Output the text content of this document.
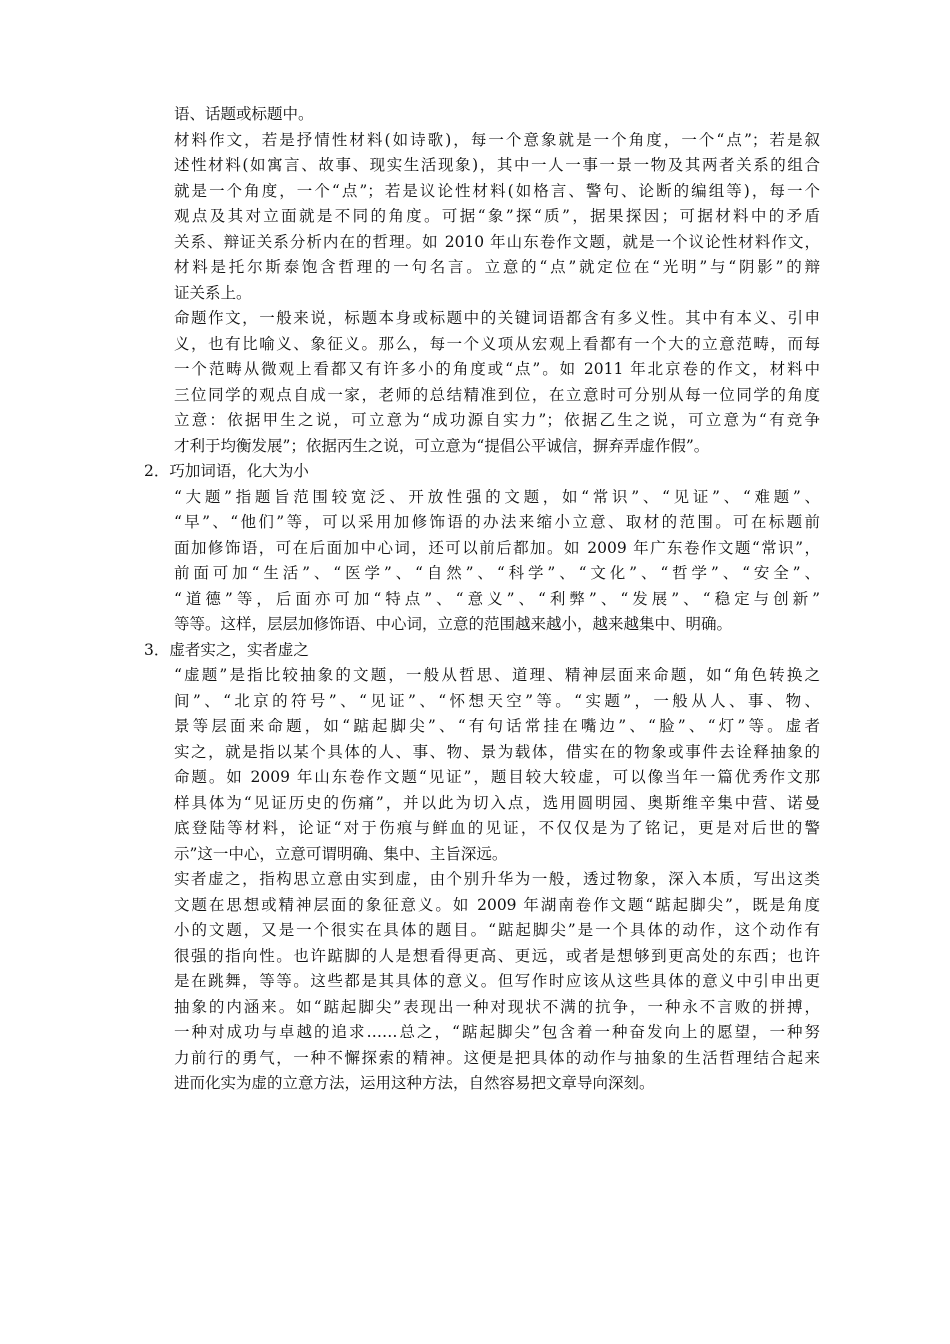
语、话题或标题中。
材料作文，若是抒情性材料(如诗歌)，每一个意象就是一个角度，一个“点”；若是叙
述性材料(如寓言、故事、现实生活现象)，其中一人一事一景一物及其两者关系的组合
就是一个角度，一个“点”；若是议论性材料(如格言、警句、论断的编组等)，每一个
观点及其对立面就是不同的角度。可据“象”探“质”，据果探因；可据材料中的矛盾
关系、辩证关系分析内在的哲理。如 2010 年山东卷作文题，就是一个议论性材料作文，
材料是托尔斯泰饱含哲理的一句名言。立意的“点”就定位在“光明”与“阴影”的辩
证关系上。
命题作文，一般来说，标题本身或标题中的关键词语都含有多义性。其中有本义、引申
义，也有比喻义、象征义。那么，每一个义项从宏观上看都有一个大的立意范畴，而每
一个范畴从微观上看都又有许多小的角度或“点”。如 2011 年北京卷的作文，材料中
三位同学的观点自成一家，老师的总结精准到位，在立意时可分别从每一位同学的角度
立意：依据甲生之说，可立意为“成功源自实力”；依据乙生之说，可立意为“有竞争
才利于均衡发展”；依据丙生之说，可立意为“提倡公平诚信，摒弃弄虚作假”。
2．巧加词语，化大为小
“大题”指题旨范围较宽泛、开放性强的文题，如“常识”、“见证”、“难题”、
“早”、“他们”等，可以采用加修饰语的办法来缩小立意、取材的范围。可在标题前
面加修饰语，可在后面加中心词，还可以前后都加。如 2009 年广东卷作文题“常识”，
前面可加“生活”、“医学”、“自然”、“科学”、“文化”、“哲学”、“安全”、
“道德”等，后面亦可加“特点”、“意义”、“利弊”、“发展”、“稳定与创新”
等等。这样，层层加修饰语、中心词，立意的范围越来越小，越来越集中、明确。
3．虚者实之，实者虚之
“虚题”是指比较抽象的文题，一般从哲思、道理、精神层面来命题，如“角色转换之
间”、“北京的符号”、“见证”、“怀想天空”等。“实题”，一般从人、事、物、
景等层面来命题，如“踮起脚尖”、“有句话常挂在嘴边”、“脸”、“灯”等。虚者
实之，就是指以某个具体的人、事、物、景为载体，借实在的物象或事件去诠释抽象的
命题。如 2009 年山东卷作文题“见证”，题目较大较虚，可以像当年一篇优秀作文那
样具体为“见证历史的伤痛”，并以此为切入点，选用圆明园、奥斯维辛集中营、诺曼
底登陆等材料，论证“对于伤痕与鲜血的见证，不仅仅是为了铭记，更是对后世的警
示”这一中心，立意可谓明确、集中、主旨深远。
实者虚之，指构思立意由实到虚，由个别升华为一般，透过物象，深入本质，写出这类
文题在思想或精神层面的象征意义。如 2009 年湖南卷作文题“踮起脚尖”，既是角度
小的文题，又是一个很实在具体的题目。“踮起脚尖”是一个具体的动作，这个动作有
很强的指向性。也许踮脚的人是想看得更高、更远，或者是想够到更高处的东西；也许
是在跳舞，等等。这些都是其具体的意义。但写作时应该从这些具体的意义中引申出更
抽象的内涵来。如“踮起脚尖”表现出一种对现状不满的抗争，一种永不言败的拼搏，
一种对成功与卓越的追求……总之，“踮起脚尖”包含着一种奋发向上的愿望，一种努
力前行的勇气，一种不懈探索的精神。这便是把具体的动作与抽象的生活哲理结合起来
进而化实为虚的立意方法，运用这种方法，自然容易把文章导向深刻。
